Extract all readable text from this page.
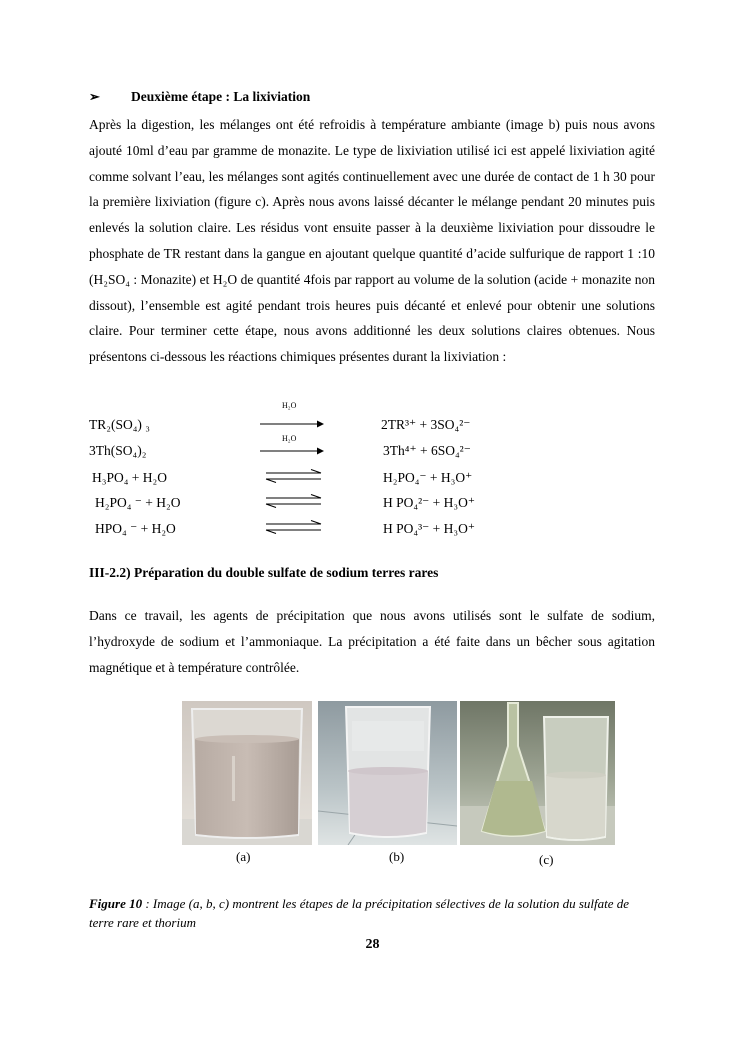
➢ Deuxième étape : La lixiviation

Après la digestion, les mélanges ont été refroidis à température ambiante (image b) puis nous avons ajouté 10ml d’eau par gramme de monazite. Le type de lixiviation utilisé ici est appelé lixiviation agité comme solvant l’eau, les mélanges sont agités continuellement avec une durée de contact de 1 h 30 pour la première lixiviation (figure c). Après nous avons laissé décanter le mélange pendant 20 minutes puis enlevés la solution claire. Les résidus vont ensuite passer à la deuxième lixiviation pour dissoudre le phosphate de TR restant dans la gangue en ajoutant quelque quantité d’acide sulfurique de rapport 1 :10 (H₂SO₄ : Monazite) et H₂O de quantité 4fois par rapport au volume de la solution (acide + monazite non dissout), l’ensemble est agité pendant trois heures puis décanté et enlevé pour obtenir une solutions claire. Pour terminer cette étape, nous avons additionné les deux solutions claires obtenues. Nous présentons ci-dessous les réactions chimiques présentes durant la lixiviation :

H₂O
TR₂(SO₄) ₃	2TR³⁺ + 3SO₄²⁻
H₂O
3Th(SO₄)₂	3Th⁴⁺ + 6SO₄²⁻
H₃PO₄ + H₂O	H₂PO₄⁻ + H₃O⁺
H₂PO₄ ⁻ + H₂O	H PO₄²⁻ + H₃O⁺
HPO₄ ⁻ + H₂O	H PO₄³⁻ + H₃O⁺
III-2.2) Préparation du double sulfate de sodium terres rares

Dans ce travail, les agents de précipitation que nous avons utilisés sont le sulfate de sodium, l’hydroxyde de sodium et l’ammoniaque. La précipitation a été faite dans un bêcher sous agitation magnétique et à température contrôlée.

(a)	(b)	(c)
Figure 10 : Image (a, b, c) montrent les étapes de la précipitation sélectives de la solution du sulfate de terre rare et thorium
28
